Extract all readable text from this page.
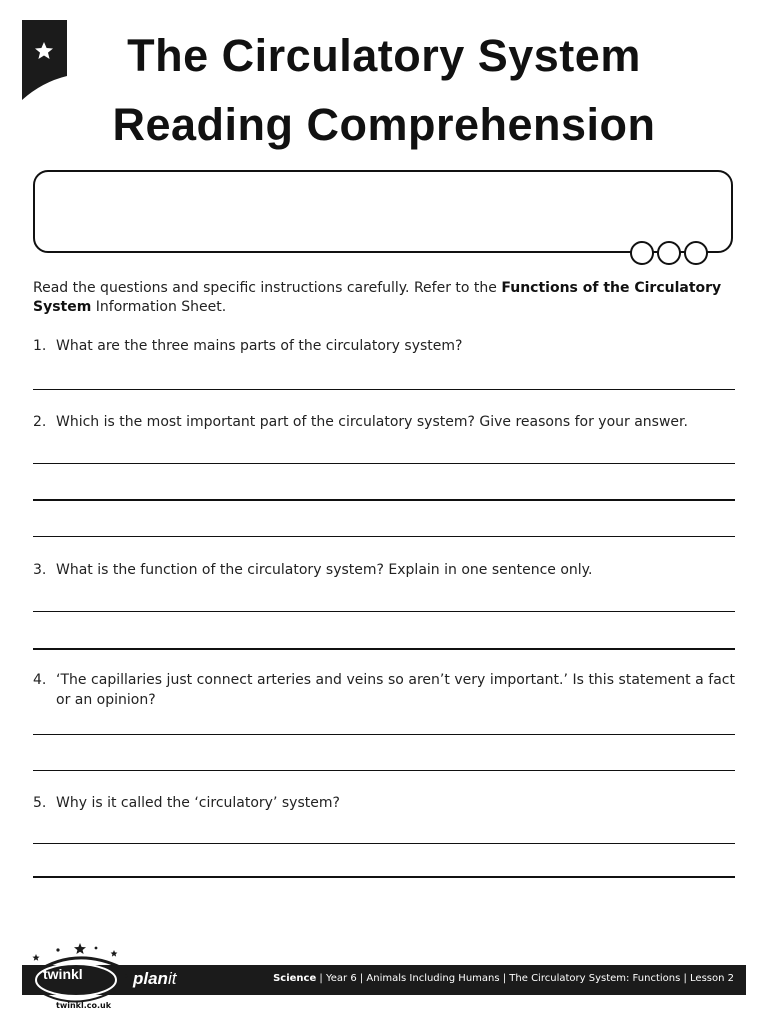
The Circulatory System
Reading Comprehension
Read the questions and specific instructions carefully. Refer to the Functions of the Circulatory System Information Sheet.
1. What are the three mains parts of the circulatory system?
2. Which is the most important part of the circulatory system? Give reasons for your answer.
3. What is the function of the circulatory system? Explain in one sentence only.
4. ‘The capillaries just connect arteries and veins so aren’t very important.’ Is this statement a fact or an opinion?
5. Why is it called the ‘circulatory’ system?
planit	Science | Year 6 | Animals Including Humans | The Circulatory System: Functions | Lesson 2
twinkl
twinkl.co.uk
